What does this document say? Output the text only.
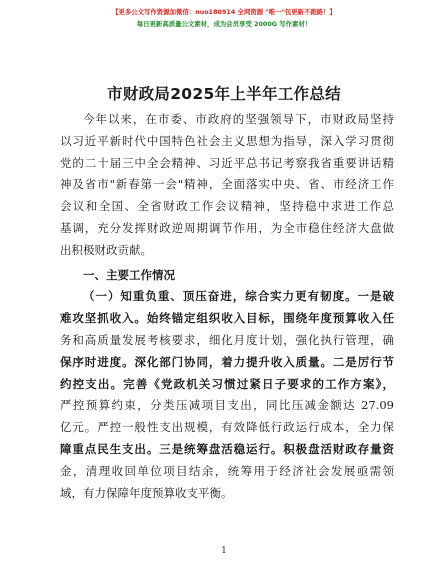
【更多公文写作资源加微信：nuo180914 全网资源 "唯一"包更新不跑路！】
每日更新高质量公文素材，成为会员享受 2000G 写作素材！
市财政局2025年上半年工作总结
今年以来，在市委、市政府的坚强领导下，市财政局坚持
以习近平新时代中国特色社会主义思想为指导，深入学习贯彻
党的二十届三中全会精神、习近平总书记考察我省重要讲话精
神及省市"新春第一会"精神，全面落实中央、省、市经济工作
会议和全国、全省财政工作会议精神，坚持稳中求进工作总
基调，充分发挥财政逆周期调节作用，为全市稳住经济大盘做
出积极财政贡献。
一、主要工作情况
（一）知重负重、顶压奋进，综合实力更有韧度。一是破
难攻坚抓收入。始终锚定组织收入目标，围绕年度预算收入任
务和高质量发展考核要求，细化月度计划，强化执行管理，确
保序时进度。深化部门协同，着力提升收入质量。二是厉行节
约控支出。完善《党政机关习惯过紧日子要求的工作方案》，
严控预算约束，分类压减项目支出，同比压减金额达 27.09
亿元。严控一般性支出规模，有效降低行政运行成本，全力保
障重点民生支出。三是统筹盘活稳运行。积极盘活财政存量资
金，清理收回单位项目结余，统筹用于经济社会发展亟需领
域，有力保障年度预算收支平衡。
1
